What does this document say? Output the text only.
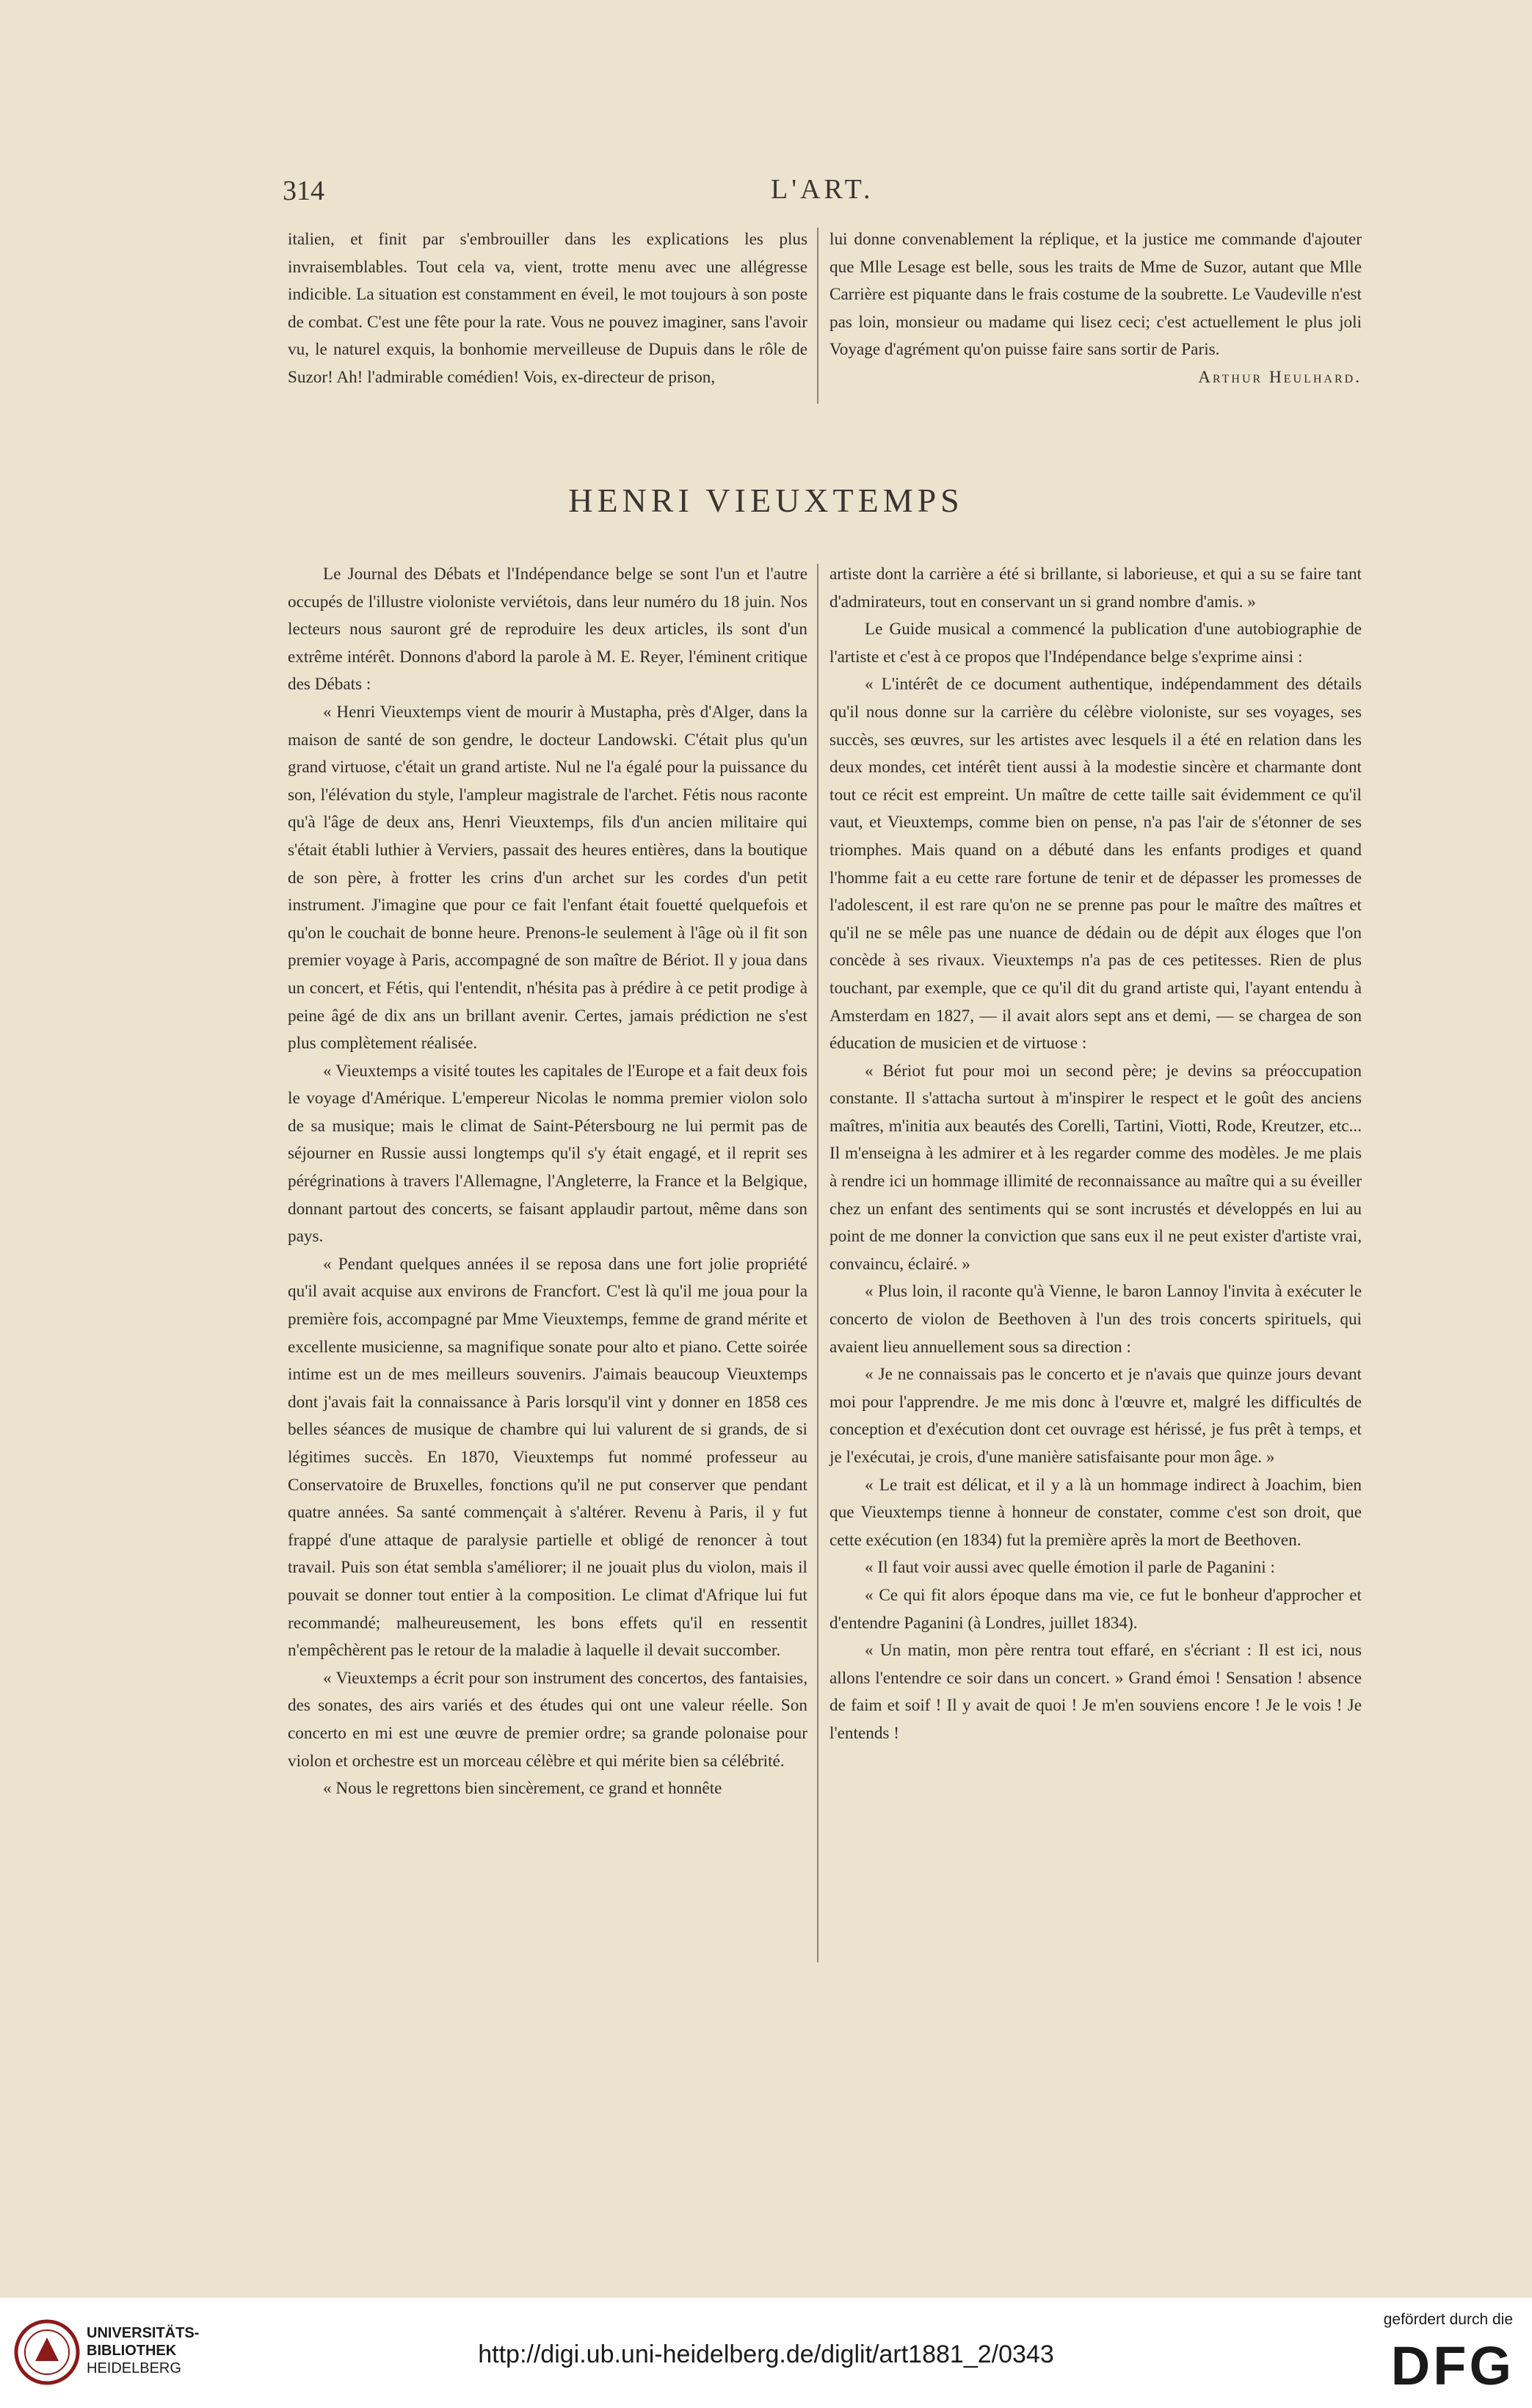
314	L'ART.

italien, et finit par s'embrouiller dans les explications les plus invraisemblables. Tout cela va, vient, trotte menu avec une allégresse indicible. La situation est constamment en éveil, le mot toujours à son poste de combat. C'est une fête pour la rate. Vous ne pouvez imaginer, sans l'avoir vu, le naturel exquis, la bonhomie merveilleuse de Dupuis dans le rôle de Suzor! Ah! l'admirable comédien! Vois, ex-directeur de prison,

lui donne convenablement la réplique, et la justice me commande d'ajouter que Mlle Lesage est belle, sous les traits de Mme de Suzor, autant que Mlle Carrière est piquante dans le frais costume de la soubrette. Le Vaudeville n'est pas loin, monsieur ou madame qui lisez ceci; c'est actuellement le plus joli Voyage d'agrément qu'on puisse faire sans sortir de Paris.

Arthur Heulhard.

HENRI VIEUXTEMPS

Le Journal des Débats et l'Indépendance belge se sont l'un et l'autre occupés de l'illustre violoniste verviétois, dans leur numéro du 18 juin. Nos lecteurs nous sauront gré de reproduire les deux articles, ils sont d'un extrême intérêt. Donnons d'abord la parole à M. E. Reyer, l'éminent critique des Débats :

« Henri Vieuxtemps vient de mourir à Mustapha, près d'Alger, dans la maison de santé de son gendre, le docteur Landowski. C'était plus qu'un grand virtuose, c'était un grand artiste. Nul ne l'a égalé pour la puissance du son, l'élévation du style, l'ampleur magistrale de l'archet. Fétis nous raconte qu'à l'âge de deux ans, Henri Vieuxtemps, fils d'un ancien militaire qui s'était établi luthier à Verviers, passait des heures entières, dans la boutique de son père, à frotter les crins d'un archet sur les cordes d'un petit instrument. J'imagine que pour ce fait l'enfant était fouetté quelquefois et qu'on le couchait de bonne heure. Prenons-le seulement à l'âge où il fit son premier voyage à Paris, accompagné de son maître de Bériot. Il y joua dans un concert, et Fétis, qui l'entendit, n'hésita pas à prédire à ce petit prodige à peine âgé de dix ans un brillant avenir. Certes, jamais prédiction ne s'est plus complètement réalisée.

« Vieuxtemps a visité toutes les capitales de l'Europe et a fait deux fois le voyage d'Amérique. L'empereur Nicolas le nomma premier violon solo de sa musique; mais le climat de Saint-Pétersbourg ne lui permit pas de séjourner en Russie aussi longtemps qu'il s'y était engagé, et il reprit ses pérégrinations à travers l'Allemagne, l'Angleterre, la France et la Belgique, donnant partout des concerts, se faisant applaudir partout, même dans son pays.

« Pendant quelques années il se reposa dans une fort jolie propriété qu'il avait acquise aux environs de Francfort. C'est là qu'il me joua pour la première fois, accompagné par Mme Vieuxtemps, femme de grand mérite et excellente musicienne, sa magnifique sonate pour alto et piano. Cette soirée intime est un de mes meilleurs souvenirs. J'aimais beaucoup Vieuxtemps dont j'avais fait la connaissance à Paris lorsqu'il vint y donner en 1858 ces belles séances de musique de chambre qui lui valurent de si grands, de si légitimes succès. En 1870, Vieuxtemps fut nommé professeur au Conservatoire de Bruxelles, fonctions qu'il ne put conserver que pendant quatre années. Sa santé commençait à s'altérer. Revenu à Paris, il y fut frappé d'une attaque de paralysie partielle et obligé de renoncer à tout travail. Puis son état sembla s'améliorer; il ne jouait plus du violon, mais il pouvait se donner tout entier à la composition. Le climat d'Afrique lui fut recommandé; malheureusement, les bons effets qu'il en ressentit n'empêchèrent pas le retour de la maladie à laquelle il devait succomber.

« Vieuxtemps a écrit pour son instrument des concertos, des fantaisies, des sonates, des airs variés et des études qui ont une valeur réelle. Son concerto en mi est une œuvre de premier ordre; sa grande polonaise pour violon et orchestre est un morceau célèbre et qui mérite bien sa célébrité.

« Nous le regrettons bien sincèrement, ce grand et honnête

artiste dont la carrière a été si brillante, si laborieuse, et qui a su se faire tant d'admirateurs, tout en conservant un si grand nombre d'amis. »

Le Guide musical a commencé la publication d'une autobiographie de l'artiste et c'est à ce propos que l'Indépendance belge s'exprime ainsi :

« L'intérêt de ce document authentique, indépendamment des détails qu'il nous donne sur la carrière du célèbre violoniste, sur ses voyages, ses succès, ses œuvres, sur les artistes avec lesquels il a été en relation dans les deux mondes, cet intérêt tient aussi à la modestie sincère et charmante dont tout ce récit est empreint. Un maître de cette taille sait évidemment ce qu'il vaut, et Vieuxtemps, comme bien on pense, n'a pas l'air de s'étonner de ses triomphes. Mais quand on a débuté dans les enfants prodiges et quand l'homme fait a eu cette rare fortune de tenir et de dépasser les promesses de l'adolescent, il est rare qu'on ne se prenne pas pour le maître des maîtres et qu'il ne se mêle pas une nuance de dédain ou de dépit aux éloges que l'on concède à ses rivaux. Vieuxtemps n'a pas de ces petitesses. Rien de plus touchant, par exemple, que ce qu'il dit du grand artiste qui, l'ayant entendu à Amsterdam en 1827, — il avait alors sept ans et demi, — se chargea de son éducation de musicien et de virtuose :

« Bériot fut pour moi un second père; je devins sa préoccupation constante. Il s'attacha surtout à m'inspirer le respect et le goût des anciens maîtres, m'initia aux beautés des Corelli, Tartini, Viotti, Rode, Kreutzer, etc... Il m'enseigna à les admirer et à les regarder comme des modèles. Je me plais à rendre ici un hommage illimité de reconnaissance au maître qui a su éveiller chez un enfant des sentiments qui se sont incrustés et développés en lui au point de me donner la conviction que sans eux il ne peut exister d'artiste vrai, convaincu, éclairé. »

« Plus loin, il raconte qu'à Vienne, le baron Lannoy l'invita à exécuter le concerto de violon de Beethoven à l'un des trois concerts spirituels, qui avaient lieu annuellement sous sa direction :

« Je ne connaissais pas le concerto et je n'avais que quinze jours devant moi pour l'apprendre. Je me mis donc à l'œuvre et, malgré les difficultés de conception et d'exécution dont cet ouvrage est hérissé, je fus prêt à temps, et je l'exécutai, je crois, d'une manière satisfaisante pour mon âge. »

« Le trait est délicat, et il y a là un hommage indirect à Joachim, bien que Vieuxtemps tienne à honneur de constater, comme c'est son droit, que cette exécution (en 1834) fut la première après la mort de Beethoven.

« Il faut voir aussi avec quelle émotion il parle de Paganini :

« Ce qui fit alors époque dans ma vie, ce fut le bonheur d'approcher et d'entendre Paganini (à Londres, juillet 1834).

« Un matin, mon père rentra tout effaré, en s'écriant : Il est ici, nous allons l'entendre ce soir dans un concert. » Grand émoi ! Sensation ! absence de faim et soif ! Il y avait de quoi ! Je m'en souviens encore ! Je le vois ! Je l'entends !

UNIVERSITÄTS-
BIBLIOTHEK
HEIDELBERG	http://digi.ub.uni-heidelberg.de/diglit/art1881_2/0343
gefördert durch die
DFG
